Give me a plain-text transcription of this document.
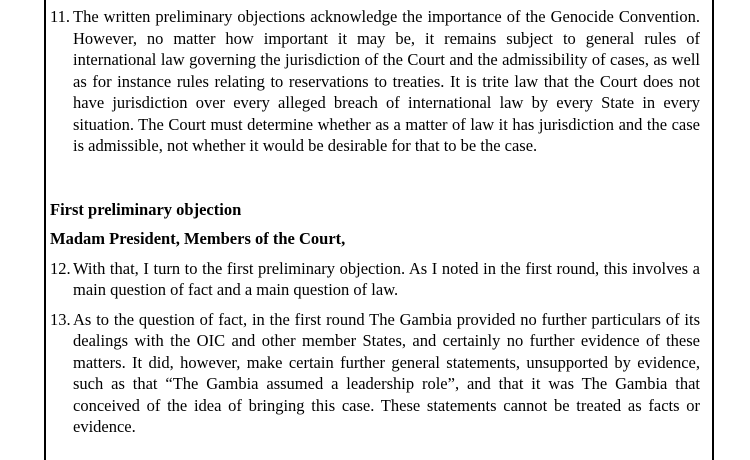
11. The written preliminary objections acknowledge the importance of the Genocide Convention. However, no matter how important it may be, it remains subject to general rules of international law governing the jurisdiction of the Court and the admissibility of cases, as well as for instance rules relating to reservations to treaties. It is trite law that the Court does not have jurisdiction over every alleged breach of international law by every State in every situation. The Court must determine whether as a matter of law it has jurisdiction and the case is admissible, not whether it would be desirable for that to be the case.

First preliminary objection

Madam President, Members of the Court,

12. With that, I turn to the first preliminary objection. As I noted in the first round, this involves a main question of fact and a main question of law.
13. As to the question of fact, in the first round The Gambia provided no further particulars of its dealings with the OIC and other member States, and certainly no further evidence of these matters. It did, however, make certain further general statements, unsupported by evidence, such as that “The Gambia assumed a leadership role”, and that it was The Gambia that conceived of the idea of bringing this case. These statements cannot be treated as facts or evidence.
